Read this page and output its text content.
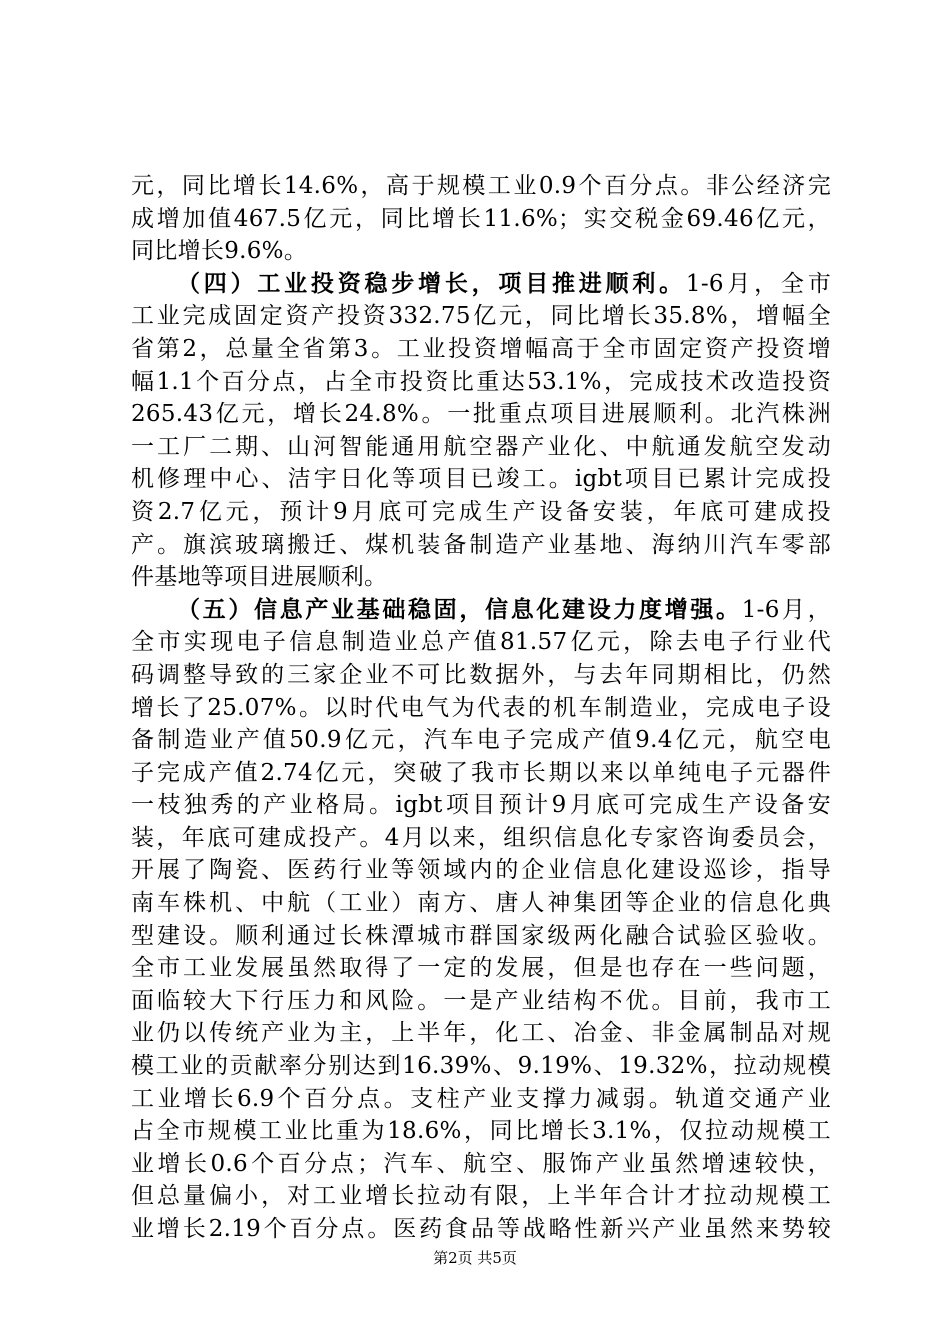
元，同比增长14.6%，高于规模工业0.9个百分点。非公经济完
成增加值467.5亿元，同比增长11.6%；实交税金69.46亿元，
同比增长9.6%。
（四）工业投资稳步增长，项目推进顺利。1-6月，全市
工业完成固定资产投资332.75亿元，同比增长35.8%，增幅全
省第2，总量全省第3。工业投资增幅高于全市固定资产投资增
幅1.1个百分点，占全市投资比重达53.1%，完成技术改造投资
265.43亿元，增长24.8%。一批重点项目进展顺利。北汽株洲
一工厂二期、山河智能通用航空器产业化、中航通发航空发动
机修理中心、洁宇日化等项目已竣工。igbt项目已累计完成投
资2.7亿元，预计9月底可完成生产设备安装，年底可建成投
产。旗滨玻璃搬迁、煤机装备制造产业基地、海纳川汽车零部
件基地等项目进展顺利。
（五）信息产业基础稳固，信息化建设力度增强。1-6月，
全市实现电子信息制造业总产值81.57亿元，除去电子行业代
码调整导致的三家企业不可比数据外，与去年同期相比，仍然
增长了25.07%。以时代电气为代表的机车制造业，完成电子设
备制造业产值50.9亿元，汽车电子完成产值9.4亿元，航空电
子完成产值2.74亿元，突破了我市长期以来以单纯电子元器件
一枝独秀的产业格局。igbt项目预计9月底可完成生产设备安
装，年底可建成投产。4月以来，组织信息化专家咨询委员会，
开展了陶瓷、医药行业等领域内的企业信息化建设巡诊，指导
南车株机、中航（工业）南方、唐人神集团等企业的信息化典
型建设。顺利通过长株潭城市群国家级两化融合试验区验收。
全市工业发展虽然取得了一定的发展，但是也存在一些问题，
面临较大下行压力和风险。一是产业结构不优。目前，我市工
业仍以传统产业为主，上半年，化工、冶金、非金属制品对规
模工业的贡献率分别达到16.39%、9.19%、19.32%，拉动规模
工业增长6.9个百分点。支柱产业支撑力减弱。轨道交通产业
占全市规模工业比重为18.6%，同比增长3.1%，仅拉动规模工
业增长0.6个百分点；汽车、航空、服饰产业虽然增速较快，
但总量偏小，对工业增长拉动有限，上半年合计才拉动规模工
业增长2.19个百分点。医药食品等战略性新兴产业虽然来势较
第2页 共5页
